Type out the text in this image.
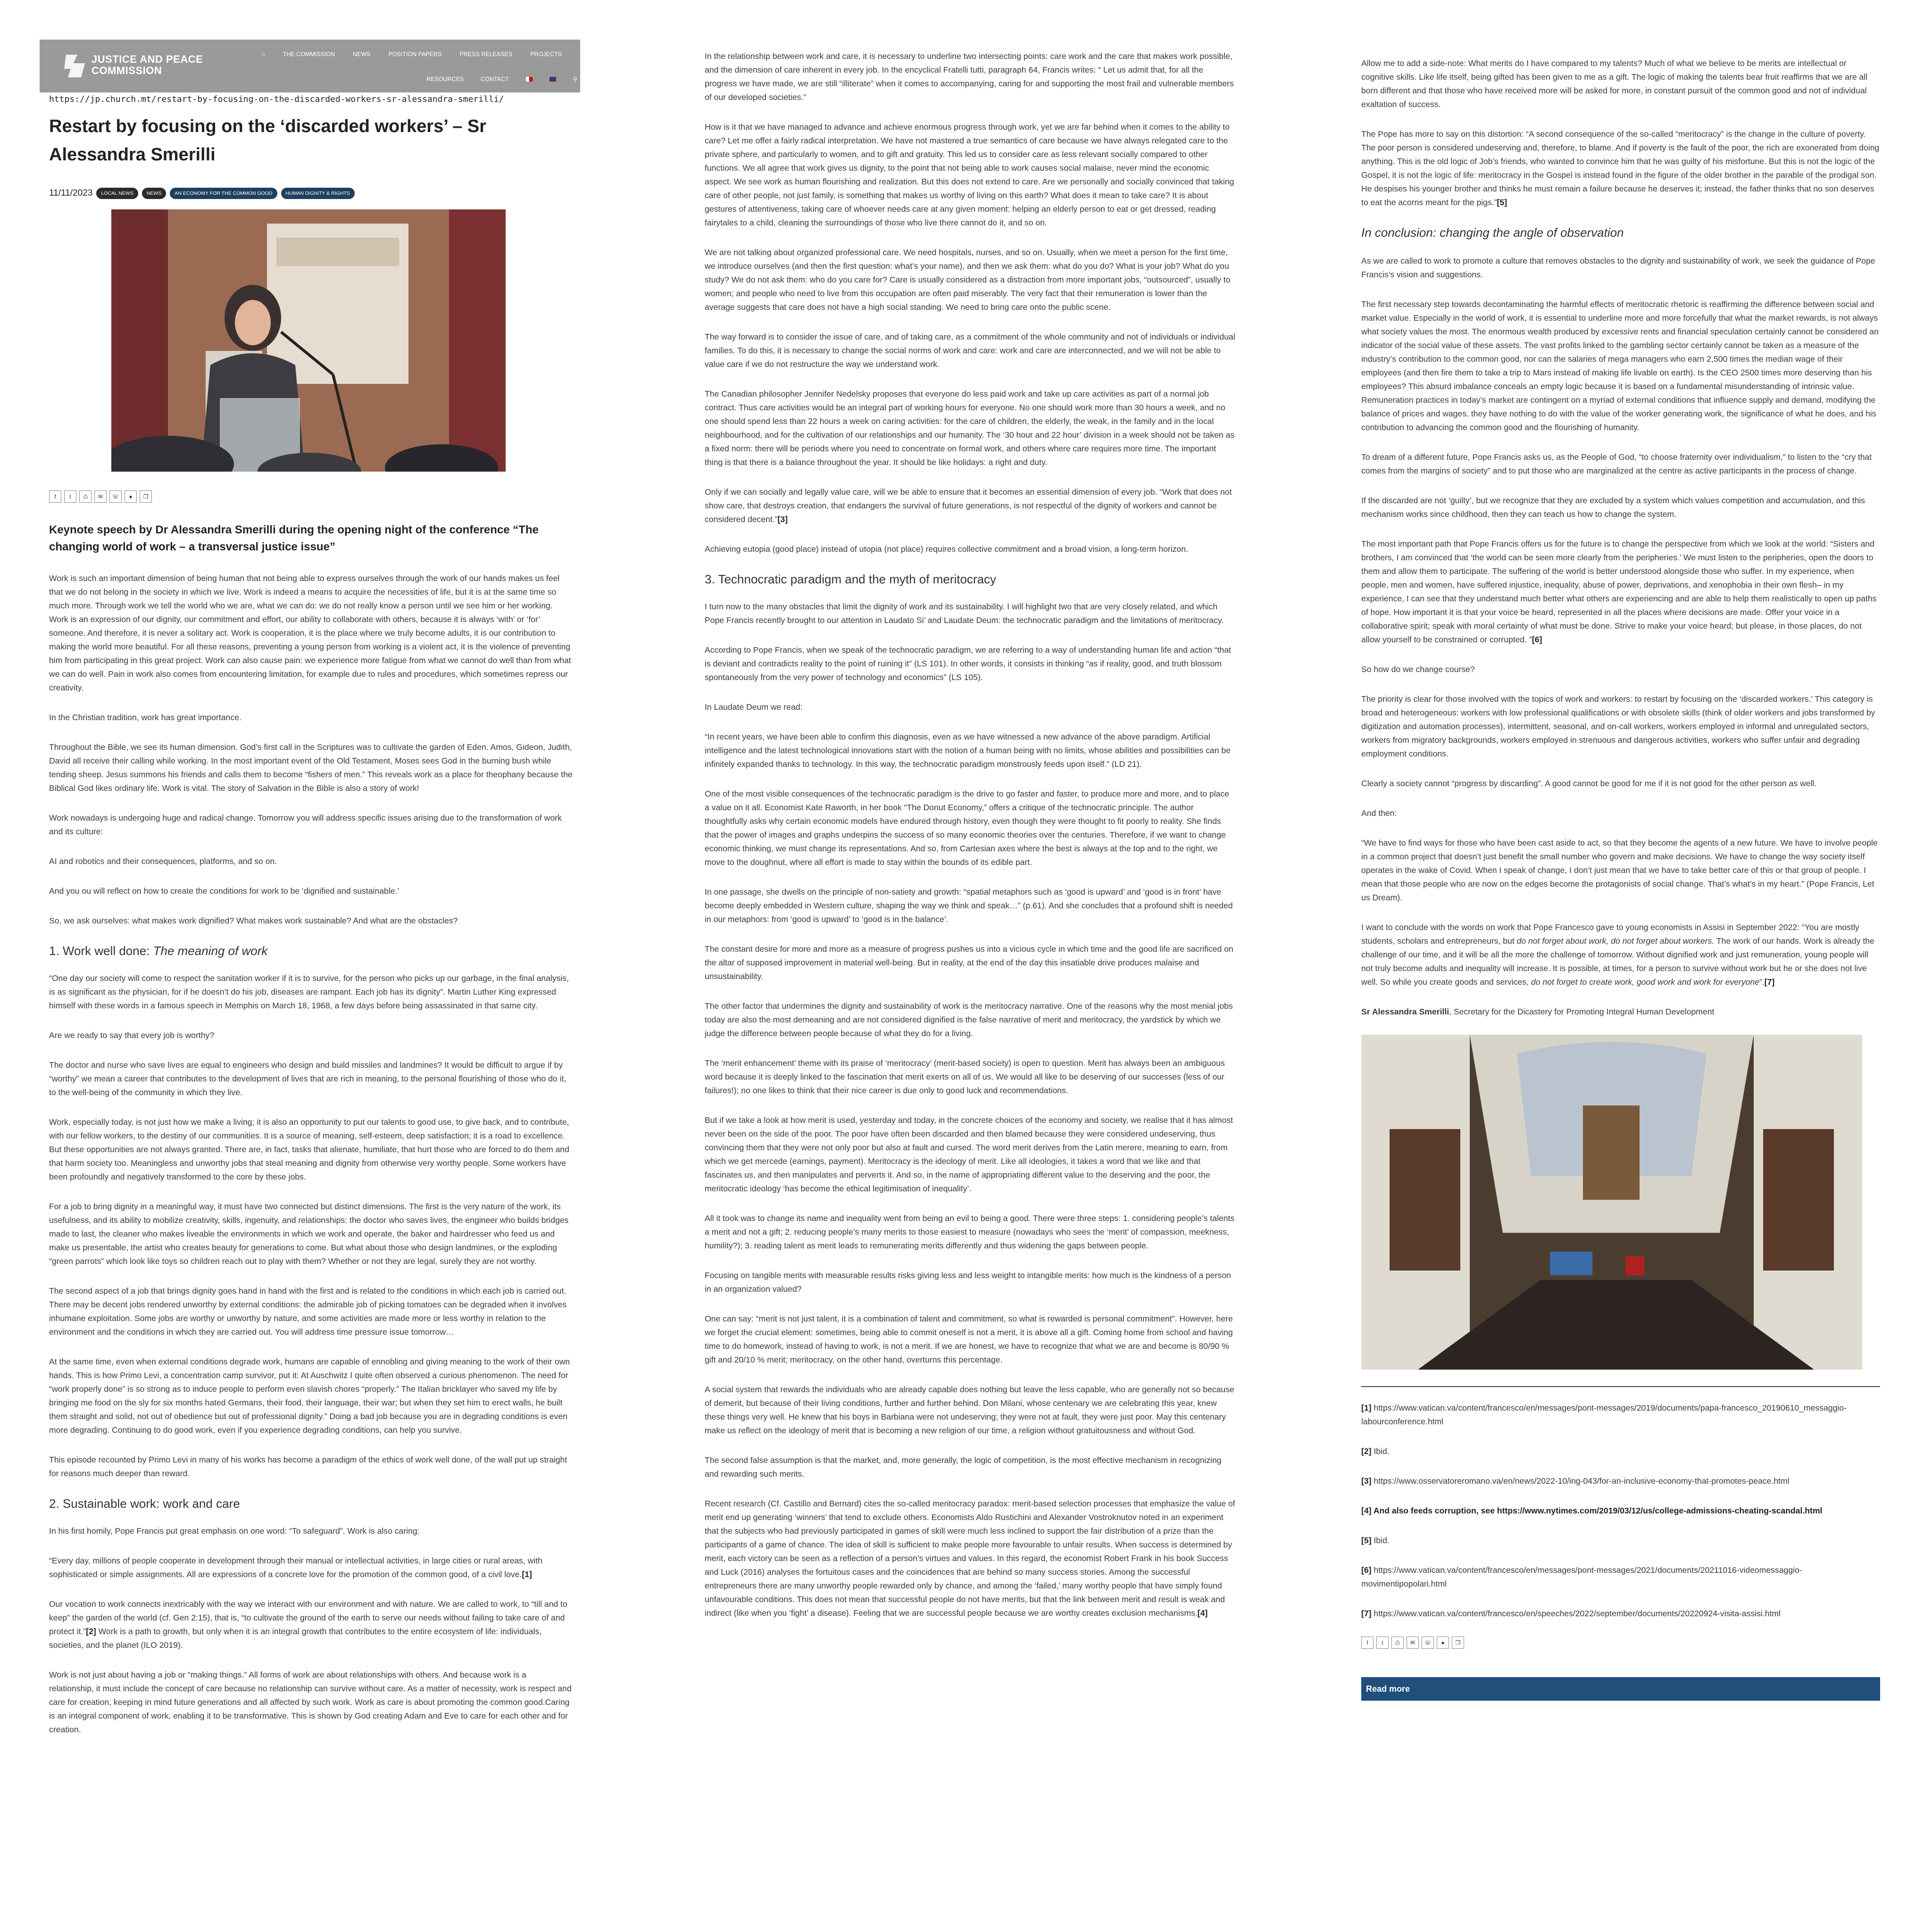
JUSTICE AND PEACE
COMMISSION
⌂	THE COMMISSION	NEWS	POSITION PAPERS	PRESS RELEASES	PROJECTS
RESOURCES	CONTACT	⚲
https://jp.church.mt/restart-by-focusing-on-the-discarded-workers-sr-alessandra-smerilli/
Restart by focusing on the ‘discarded workers’ – Sr Alessandra Smerilli
11/11/2023	LOCAL NEWS	NEWS	AN ECONOMY FOR THE COMMON GOOD	HUMAN DIGNITY & RIGHTS
f	t	⎙	✉	☏	●	❐
Keynote speech by Dr Alessandra Smerilli during the opening night of the conference “The changing world of work – a transversal justice issue”

Work is such an important dimension of being human that not being able to express ourselves through the work of our hands makes us feel that we do not belong in the society in which we live. Work is indeed a means to acquire the necessities of life, but it is at the same time so much more. Through work we tell the world who we are, what we can do: we do not really know a person until we see him or her working. Work is an expression of our dignity, our commitment and effort, our ability to collaborate with others, because it is always ‘with’ or ‘for’ someone. And therefore, it is never a solitary act. Work is cooperation, it is the place where we truly become adults, it is our contribution to making the world more beautiful. For all these reasons, preventing a young person from working is a violent act, it is the violence of preventing him from participating in this great project. Work can also cause pain: we experience more fatigue from what we cannot do well than from what we can do well. Pain in work also comes from encountering limitation, for example due to rules and procedures, which sometimes repress our creativity.

In the Christian tradition, work has great importance.

Throughout the Bible, we see its human dimension. God’s first call in the Scriptures was to cultivate the garden of Eden. Amos, Gideon, Judith, David all receive their calling while working. In the most important event of the Old Testament, Moses sees God in the burning bush while tending sheep. Jesus summons his friends and calls them to become “fishers of men.” This reveals work as a place for theophany because the Biblical God likes ordinary life. Work is vital. The story of Salvation in the Bible is also a story of work!

Work nowadays is undergoing huge and radical change. Tomorrow you will address specific issues arising due to the transformation of work and its culture:

AI and robotics and their consequences, platforms, and so on.

And you ou will reflect on how to create the conditions for work to be ‘dignified and sustainable.’

So, we ask ourselves: what makes work dignified? What makes work sustainable? And what are the obstacles?

1. Work well done: The meaning of work

“One day our society will come to respect the sanitation worker if it is to survive, for the person who picks up our garbage, in the final analysis, is as significant as the physician, for if he doesn’t do his job, diseases are rampant. Each job has its dignity”. Martin Luther King expressed himself with these words in a famous speech in Memphis on March 18, 1968, a few days before being assassinated in that same city.

Are we ready to say that every job is worthy?

The doctor and nurse who save lives are equal to engineers who design and build missiles and landmines? It would be difficult to argue if by “worthy” we mean a career that contributes to the development of lives that are rich in meaning, to the personal flourishing of those who do it, to the well-being of the community in which they live.

Work, especially today, is not just how we make a living; it is also an opportunity to put our talents to good use, to give back, and to contribute, with our fellow workers, to the destiny of our communities. It is a source of meaning, self-esteem, deep satisfaction; it is a road to excellence. But these opportunities are not always granted. There are, in fact, tasks that alienate, humiliate, that hurt those who are forced to do them and that harm society too. Meaningless and unworthy jobs that steal meaning and dignity from otherwise very worthy people. Some workers have been profoundly and negatively transformed to the core by these jobs.

For a job to bring dignity in a meaningful way, it must have two connected but distinct dimensions. The first is the very nature of the work, its usefulness, and its ability to mobilize creativity, skills, ingenuity, and relationships: the doctor who saves lives, the engineer who builds bridges made to last, the cleaner who makes liveable the environments in which we work and operate, the baker and hairdresser who feed us and make us presentable, the artist who creates beauty for generations to come. But what about those who design landmines, or the exploding “green parrots” which look like toys so children reach out to play with them? Whether or not they are legal, surely they are not worthy.

The second aspect of a job that brings dignity goes hand in hand with the first and is related to the conditions in which each job is carried out. There may be decent jobs rendered unworthy by external conditions: the admirable job of picking tomatoes can be degraded when it involves inhumane exploitation. Some jobs are worthy or unworthy by nature, and some activities are made more or less worthy in relation to the environment and the conditions in which they are carried out. You will address time pressure issue tomorrow…

At the same time, even when external conditions degrade work, humans are capable of ennobling and giving meaning to the work of their own hands. This is how Primo Levi, a concentration camp survivor, put it: At Auschwitz I quite often observed a curious phenomenon. The need for “work properly done” is so strong as to induce people to perform even slavish chores “properly.” The Italian bricklayer who saved my life by bringing me food on the sly for six months hated Germans, their food, their language, their war; but when they set him to erect walls, he built them straight and solid, not out of obedience but out of professional dignity.” Doing a bad job because you are in degrading conditions is even more degrading. Continuing to do good work, even if you experience degrading conditions, can help you survive.

This episode recounted by Primo Levi in many of his works has become a paradigm of the ethics of work well done, of the wall put up straight for reasons much deeper than reward.

2. Sustainable work: work and care

In his first homily, Pope Francis put great emphasis on one word: “To safeguard”. Work is also caring:

“Every day, millions of people cooperate in development through their manual or intellectual activities, in large cities or rural areas, with sophisticated or simple assignments. All are expressions of a concrete love for the promotion of the common good, of a civil love.[1]

Our vocation to work connects inextricably with the way we interact with our environment and with nature. We are called to work, to “till and to keep” the garden of the world (cf. Gen 2:15), that is, “to cultivate the ground of the earth to serve our needs without failing to take care of and protect it.”[2] Work is a path to growth, but only when it is an integral growth that contributes to the entire ecosystem of life: individuals, societies, and the planet (ILO 2019).

Work is not just about having a job or “making things.” All forms of work are about relationships with others. And because work is a relationship, it must include the concept of care because no relationship can survive without care. As a matter of necessity, work is respect and care for creation, keeping in mind future generations and all affected by such work. Work as care is about promoting the common good.Caring is an integral component of work, enabling it to be transformative. This is shown by God creating Adam and Eve to care for each other and for creation.

In the relationship between work and care, it is necessary to underline two intersecting points: care work and the care that makes work possible, and the dimension of care inherent in every job. In the encyclical Fratelli tutti, paragraph 64, Francis writes: “ Let us admit that, for all the progress we have made, we are still “illiterate” when it comes to accompanying, caring for and supporting the most frail and vulnerable members of our developed societies.”

How is it that we have managed to advance and achieve enormous progress through work, yet we are far behind when it comes to the ability to care? Let me offer a fairly radical interpretation. We have not mastered a true semantics of care because we have always relegated care to the private sphere, and particularly to women, and to gift and gratuity. This led us to consider care as less relevant socially compared to other functions. We all agree that work gives us dignity, to the point that not being able to work causes social malaise, never mind the economic aspect. We see work as human flourishing and realization. But this does not extend to care. Are we personally and socially convinced that taking care of other people, not just family, is something that makes us worthy of living on this earth? What does it mean to take care? It is about gestures of attentiveness, taking care of whoever needs care at any given moment: helping an elderly person to eat or get dressed, reading fairytales to a child, cleaning the surroundings of those who live there cannot do it, and so on.

We are not talking about organized professional care. We need hospitals, nurses, and so on. Usually, when we meet a person for the first time, we introduce ourselves (and then the first question: what’s your name), and then we ask them: what do you do? What is your job? What do you study? We do not ask them: who do you care for? Care is usually considered as a distraction from more important jobs, “outsourced”, usually to women; and people who need to live from this occupation are often paid miserably. The very fact that their remuneration is lower than the average suggests that care does not have a high social standing. We need to bring care onto the public scene.

The way forward is to consider the issue of care, and of taking care, as a commitment of the whole community and not of individuals or individual families. To do this, it is necessary to change the social norms of work and care: work and care are interconnected, and we will not be able to value care if we do not restructure the way we understand work.

The Canadian philosopher Jennifer Nedelsky proposes that everyone do less paid work and take up care activities as part of a normal job contract. Thus care activities would be an integral part of working hours for everyone. No one should work more than 30 hours a week, and no one should spend less than 22 hours a week on caring activities: for the care of children, the elderly, the weak, in the family and in the local neighbourhood, and for the cultivation of our relationships and our humanity. The ‘30 hour and 22 hour’ division in a week should not be taken as a fixed norm: there will be periods where you need to concentrate on formal work, and others where care requires more time. The important thing is that there is a balance throughout the year. It should be like holidays: a right and duty.

Only if we can socially and legally value care, will we be able to ensure that it becomes an essential dimension of every job. “Work that does not show care, that destroys creation, that endangers the survival of future generations, is not respectful of the dignity of workers and cannot be considered decent.”[3]

Achieving eutopia (good place) instead of utopia (not place) requires collective commitment and a broad vision, a long-term horizon.

3. Technocratic paradigm and the myth of meritocracy

I turn now to the many obstacles that limit the dignity of work and its sustainability. I will highlight two that are very closely related, and which Pope Francis recently brought to our attention in Laudato Si’ and Laudate Deum: the technocratic paradigm and the limitations of meritocracy.

According to Pope Francis, when we speak of the technocratic paradigm, we are referring to a way of understanding human life and action “that is deviant and contradicts reality to the point of ruining it” (LS 101). In other words, it consists in thinking “as if reality, good, and truth blossom spontaneously from the very power of technology and economics” (LS 105).

In Laudate Deum we read:

“In recent years, we have been able to confirm this diagnosis, even as we have witnessed a new advance of the above paradigm. Artificial intelligence and the latest technological innovations start with the notion of a human being with no limits, whose abilities and possibilities can be infinitely expanded thanks to technology. In this way, the technocratic paradigm monstrously feeds upon itself.” (LD 21).

One of the most visible consequences of the technocratic paradigm is the drive to go faster and faster, to produce more and more, and to place a value on it all. Economist Kate Raworth, in her book “The Donut Economy,” offers a critique of the technocratic principle. The author thoughtfully asks why certain economic models have endured through history, even though they were thought to fit poorly to reality. She finds that the power of images and graphs underpins the success of so many economic theories over the centuries. Therefore, if we want to change economic thinking, we must change its representations. And so, from Cartesian axes where the best is always at the top and to the right, we move to the doughnut, where all effort is made to stay within the bounds of its edible part.

In one passage, she dwells on the principle of non-satiety and growth: “spatial metaphors such as ‘good is upward’ and ‘good is in front’ have become deeply embedded in Western culture, shaping the way we think and speak…” (p.61). And she concludes that a profound shift is needed in our metaphors: from ‘good is upward’ to ‘good is in the balance’.

The constant desire for more and more as a measure of progress pushes us into a vicious cycle in which time and the good life are sacrificed on the altar of supposed improvement in material well-being. But in reality, at the end of the day this insatiable drive produces malaise and unsustainability.

The other factor that undermines the dignity and sustainability of work is the meritocracy narrative. One of the reasons why the most menial jobs today are also the most demeaning and are not considered dignified is the false narrative of merit and meritocracy, the yardstick by which we judge the difference between people because of what they do for a living.

The ‘merit enhancement’ theme with its praise of ‘meritocracy’ (merit-based society) is open to question. Merit has always been an ambiguous word because it is deeply linked to the fascination that merit exerts on all of us. We would all like to be deserving of our successes (less of our failures!); no one likes to think that their nice career is due only to good luck and recommendations.

But if we take a look at how merit is used, yesterday and today, in the concrete choices of the economy and society, we realise that it has almost never been on the side of the poor. The poor have often been discarded and then blamed because they were considered undeserving, thus convincing them that they were not only poor but also at fault and cursed. The word merit derives from the Latin merere, meaning to earn, from which we get mercede (earnings, payment). Meritocracy is the ideology of merit. Like all ideologies, it takes a word that we like and that fascinates us, and then manipulates and perverts it. And so, in the name of appropriating different value to the deserving and the poor, the meritocratic ideology ‘has become the ethical legitimisation of inequality’.

All it took was to change its name and inequality went from being an evil to being a good. There were three steps: 1. considering people’s talents a merit and not a gift; 2. reducing people’s many merits to those easiest to measure (nowadays who sees the ‘merit’ of compassion, meekness, humility?); 3. reading talent as merit leads to remunerating merits differently and thus widening the gaps between people.

Focusing on tangible merits with measurable results risks giving less and less weight to intangible merits: how much is the kindness of a person in an organization valued?

One can say: “merit is not just talent, it is a combination of talent and commitment, so what is rewarded is personal commitment”. However, here we forget the crucial element: sometimes, being able to commit oneself is not a merit, it is above all a gift. Coming home from school and having time to do homework, instead of having to work, is not a merit. If we are honest, we have to recognize that what we are and become is 80/90 % gift and 20/10 % merit; meritocracy, on the other hand, overturns this percentage.

A social system that rewards the individuals who are already capable does nothing but leave the less capable, who are generally not so because of demerit, but because of their living conditions, further and further behind. Don Milani, whose centenary we are celebrating this year, knew these things very well. He knew that his boys in Barbiana were not undeserving; they were not at fault, they were just poor. May this centenary make us reflect on the ideology of merit that is becoming a new religion of our time, a religion without gratuitousness and without God.

The second false assumption is that the market, and, more generally, the logic of competition, is the most effective mechanism in recognizing and rewarding such merits.

Recent research (Cf. Castillo and Bernard) cites the so-called meritocracy paradox: merit-based selection processes that emphasize the value of merit end up generating ‘winners’ that tend to exclude others. Economists Aldo Rustichini and Alexander Vostroknutov noted in an experiment that the subjects who had previously participated in games of skill were much less inclined to support the fair distribution of a prize than the participants of a game of chance. The idea of skill is sufficient to make people more favourable to unfair results. When success is determined by merit, each victory can be seen as a reflection of a person’s virtues and values. In this regard, the economist Robert Frank in his book Success and Luck (2016) analyses the fortuitous cases and the coincidences that are behind so many success stories. Among the successful entrepreneurs there are many unworthy people rewarded only by chance, and among the ‘failed,’ many worthy people that have simply found unfavourable conditions. This does not mean that successful people do not have merits, but that the link between merit and result is weak and indirect (like when you ‘fight’ a disease). Feeling that we are successful people because we are worthy creates exclusion mechanisms.[4]

Allow me to add a side-note: What merits do I have compared to my talents? Much of what we believe to be merits are intellectual or cognitive skills. Like life itself, being gifted has been given to me as a gift. The logic of making the talents bear fruit reaffirms that we are all born different and that those who have received more will be asked for more, in constant pursuit of the common good and not of individual exaltation of success.

The Pope has more to say on this distortion: “A second consequence of the so-called “meritocracy” is the change in the culture of poverty. The poor person is considered undeserving and, therefore, to blame. And if poverty is the fault of the poor, the rich are exonerated from doing anything. This is the old logic of Job’s friends, who wanted to convince him that he was guilty of his misfortune. But this is not the logic of the Gospel, it is not the logic of life: meritocracy in the Gospel is instead found in the figure of the older brother in the parable of the prodigal son. He despises his younger brother and thinks he must remain a failure because he deserves it; instead, the father thinks that no son deserves to eat the acorns meant for the pigs.”[5]

In conclusion: changing the angle of observation

As we are called to work to promote a culture that removes obstacles to the dignity and sustainability of work, we seek the guidance of Pope Francis’s vision and suggestions.

The first necessary step towards decontaminating the harmful effects of meritocratic rhetoric is reaffirming the difference between social and market value. Especially in the world of work, it is essential to underline more and more forcefully that what the market rewards, is not always what society values the most. The enormous wealth produced by excessive rents and financial speculation certainly cannot be considered an indicator of the social value of these assets. The vast profits linked to the gambling sector certainly cannot be taken as a measure of the industry’s contribution to the common good, nor can the salaries of mega managers who earn 2,500 times the median wage of their employees (and then fire them to take a trip to Mars instead of making life livable on earth). Is the CEO 2500 times more deserving than his employees? This absurd imbalance conceals an empty logic because it is based on a fundamental misunderstanding of intrinsic value. Remuneration practices in today’s market are contingent on a myriad of external conditions that influence supply and demand, modifying the balance of prices and wages. they have nothing to do with the value of the worker generating work, the significance of what he does, and his contribution to advancing the common good and the flourishing of humanity.

To dream of a different future, Pope Francis asks us, as the People of God, “to choose fraternity over individualism,” to listen to the “cry that comes from the margins of society” and to put those who are marginalized at the centre as active participants in the process of change.

If the discarded are not ‘guilty’, but we recognize that they are excluded by a system which values competition and accumulation, and this mechanism works since childhood, then they can teach us how to change the system.

The most important path that Pope Francis offers us for the future is to change the perspective from which we look at the world: “Sisters and brothers, I am convinced that ‘the world can be seen more clearly from the peripheries.’ We must listen to the peripheries, open the doors to them and allow them to participate. The suffering of the world is better understood alongside those who suffer. In my experience, when people, men and women, have suffered injustice, inequality, abuse of power, deprivations, and xenophobia in their own flesh– in my experience, I can see that they understand much better what others are experiencing and are able to help them realistically to open up paths of hope. How important it is that your voice be heard, represented in all the places where decisions are made. Offer your voice in a collaborative spirit; speak with moral certainty of what must be done. Strive to make your voice heard; but please, in those places, do not allow yourself to be constrained or corrupted. ”[6]

So how do we change course?

The priority is clear for those involved with the topics of work and workers: to restart by focusing on the ‘discarded workers.’ This category is broad and heterogeneous: workers with low professional qualifications or with obsolete skills (think of older workers and jobs transformed by digitization and automation processes), intermittent, seasonal, and on-call workers, workers employed in informal and unregulated sectors, workers from migratory backgrounds, workers employed in strenuous and dangerous activities, workers who suffer unfair and degrading employment conditions.

Clearly a society cannot “progress by discarding”. A good cannot be good for me if it is not good for the other person as well.

And then:

“We have to find ways for those who have been cast aside to act, so that they become the agents of a new future. We have to involve people in a common project that doesn’t just benefit the small number who govern and make decisions. We have to change the way society itself operates in the wake of Covid. When I speak of change, I don’t just mean that we have to take better care of this or that group of people. I mean that those people who are now on the edges become the protagonists of social change. That’s what’s in my heart.” (Pope Francis, Let us Dream).

I want to conclude with the words on work that Pope Francesco gave to young economists in Assisi in September 2022: “You are mostly students, scholars and entrepreneurs, but do not forget about work, do not forget about workers. The work of our hands. Work is already the challenge of our time, and it will be all the more the challenge of tomorrow. Without dignified work and just remuneration, young people will not truly become adults and inequality will increase. It is possible, at times, for a person to survive without work but he or she does not live well. So while you create goods and services, do not forget to create work, good work and work for everyone”.[7]

Sr Alessandra Smerilli, Secretary for the Dicastery for Promoting Integral Human Development

[1] https://www.vatican.va/content/francesco/en/messages/pont-messages/2019/documents/papa-francesco_20190610_messaggio-labourconference.html

[2] Ibid.

[3] https://www.osservatoreromano.va/en/news/2022-10/ing-043/for-an-inclusive-economy-that-promotes-peace.html

[4] And also feeds corruption, see https://www.nytimes.com/2019/03/12/us/college-admissions-cheating-scandal.html

[5] Ibid.

[6] https://www.vatican.va/content/francesco/en/messages/pont-messages/2021/documents/20211016-videomessaggio-movimentipopolari.html

[7] https://www.vatican.va/content/francesco/en/speeches/2022/september/documents/20220924-visita-assisi.html

f	t	⎙	✉	☏	●	❐
Read more
